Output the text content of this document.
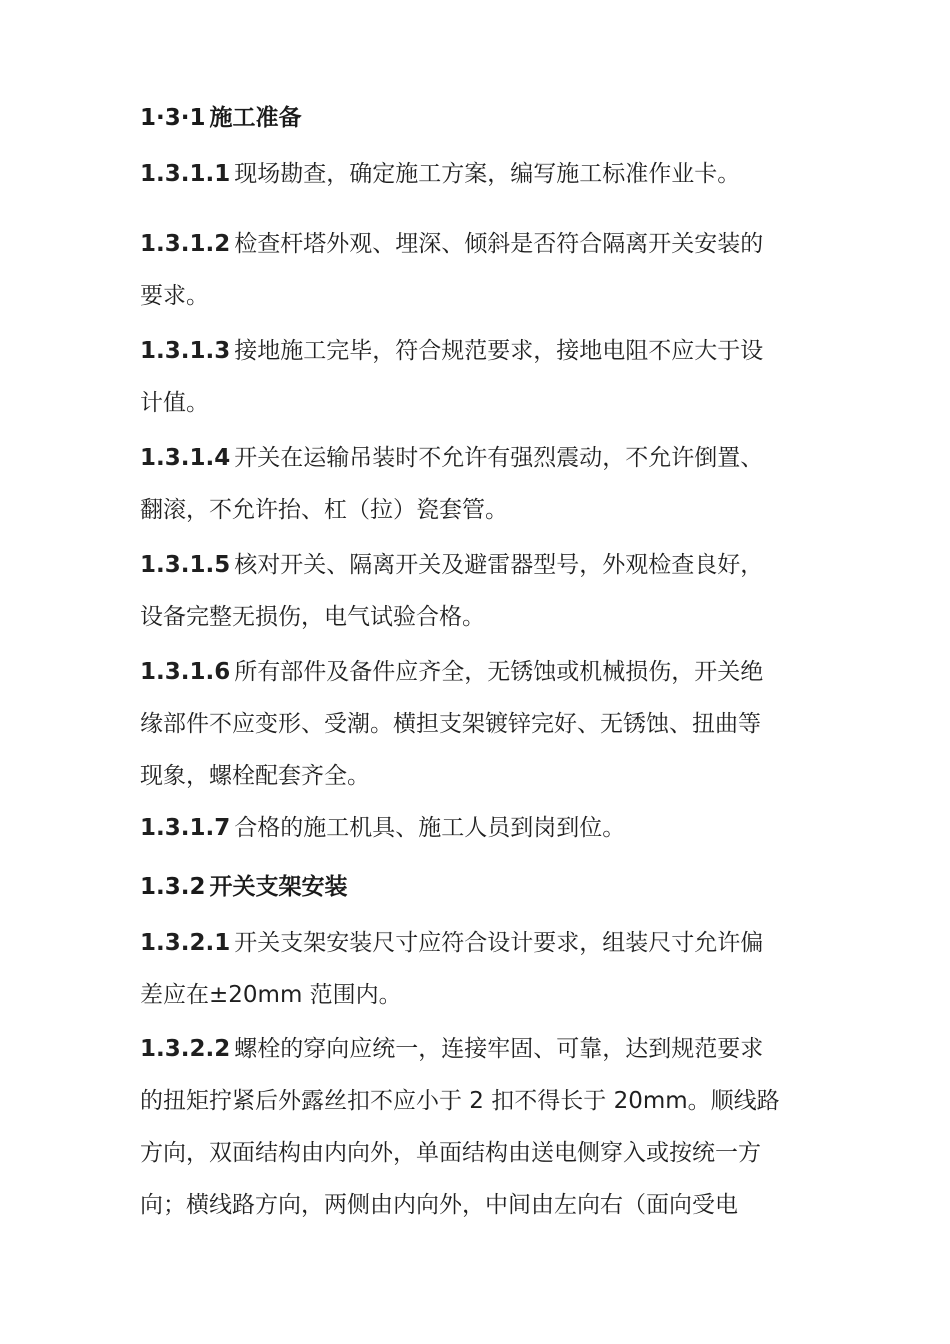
1·3·1 施工准备
1.3.1.1 现场勘查，确定施工方案，编写施工标准作业卡。
1.3.1.2 检查杆塔外观、埋深、倾斜是否符合隔离开关安装的
要求。
1.3.1.3 接地施工完毕，符合规范要求，接地电阻不应大于设
计值。
1.3.1.4 开关在运输吊装时不允许有强烈震动，不允许倒置、
翻滚，不允许抬、杠（拉）瓷套管。
1.3.1.5 核对开关、隔离开关及避雷器型号，外观检查良好，
设备完整无损伤，电气试验合格。
1.3.1.6 所有部件及备件应齐全，无锈蚀或机械损伤，开关绝
缘部件不应变形、受潮。横担支架镀锌完好、无锈蚀、扭曲等
现象，螺栓配套齐全。
1.3.1.7 合格的施工机具、施工人员到岗到位。
1.3.2 开关支架安装
1.3.2.1 开关支架安装尺寸应符合设计要求，组装尺寸允许偏
差应在±20mm 范围内。
1.3.2.2 螺栓的穿向应统一，连接牢固、可靠，达到规范要求
的扭矩拧紧后外露丝扣不应小于 2 扣不得长于 20mm。顺线路
方向，双面结构由内向外，单面结构由送电侧穿入或按统一方
向；横线路方向，两侧由内向外，中间由左向右（面向受电
